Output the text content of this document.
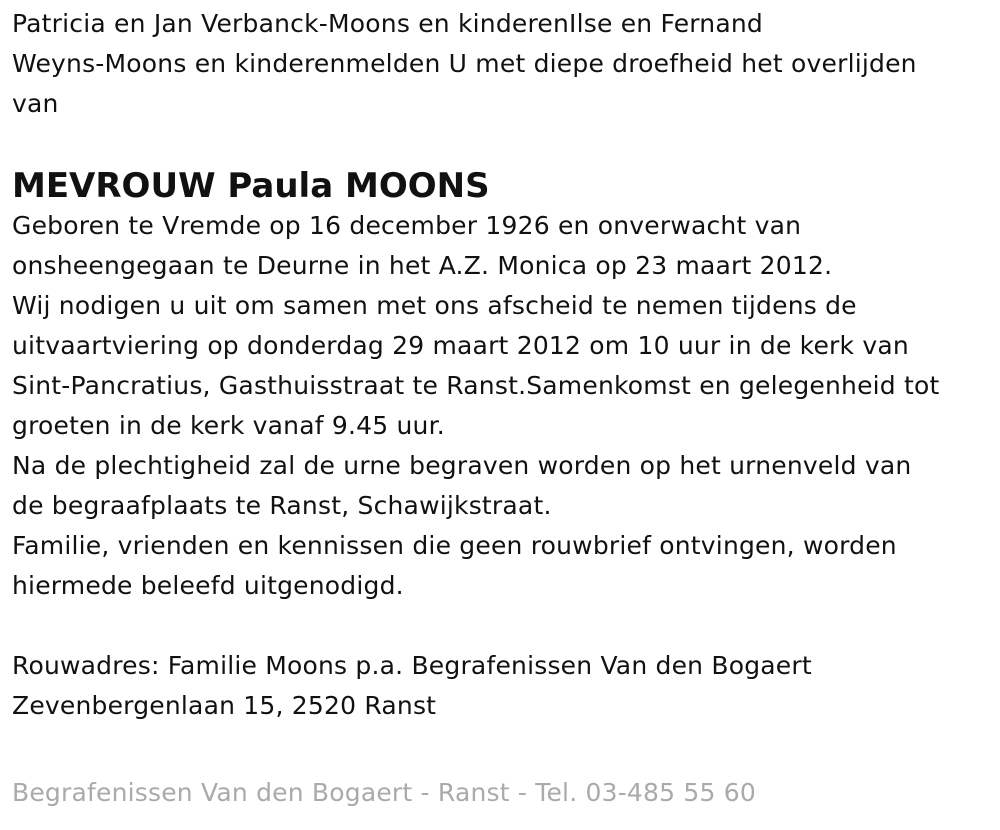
Patricia en Jan Verbanck-Moons en kinderenIlse en Fernand
Weyns-Moons en kinderenmelden U met diepe droefheid het overlijden
van
MEVROUW Paula MOONS
Geboren te Vremde op 16 december 1926 en onverwacht van
onsheengegaan te Deurne in het A.Z. Monica op 23 maart 2012.
Wij nodigen u uit om samen met ons afscheid te nemen tijdens de
uitvaartviering op donderdag 29 maart 2012 om 10 uur in de kerk van
Sint-Pancratius, Gasthuisstraat te Ranst.Samenkomst en gelegenheid tot
groeten in de kerk vanaf 9.45 uur.
Na de plechtigheid zal de urne begraven worden op het urnenveld van
de begraafplaats te Ranst, Schawijkstraat.
Familie, vrienden en kennissen die geen rouwbrief ontvingen, worden
hiermede beleefd uitgenodigd.
Rouwadres: Familie Moons p.a. Begrafenissen Van den Bogaert
Zevenbergenlaan 15, 2520 Ranst
Begrafenissen Van den Bogaert - Ranst - Tel. 03-485 55 60
